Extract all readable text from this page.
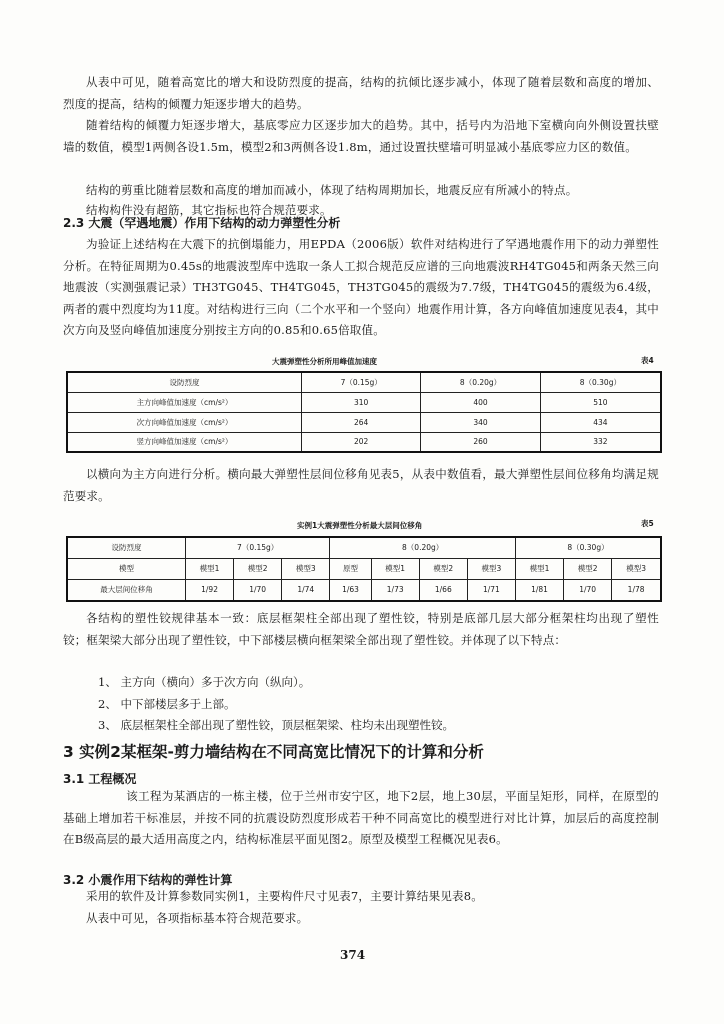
从表中可见，随着高宽比的增大和设防烈度的提高，结构的抗倾比逐步减小，体现了随着层数和高度的增加、烈度的提高，结构的倾覆力矩逐步增大的趋势。

随着结构的倾覆力矩逐步增大，基底零应力区逐步加大的趋势。其中，括号内为沿地下室横向向外侧设置扶壁墙的数值，模型1两侧各设1.5m，模型2和3两侧各设1.8m，通过设置扶壁墙可明显减小基底零应力区的数值。

结构的剪重比随着层数和高度的增加而减小，体现了结构周期加长，地震反应有所减小的特点。

结构构件没有超筋，其它指标也符合规范要求。

2.3 大震（罕遇地震）作用下结构的动力弹塑性分析

为验证上述结构在大震下的抗倒塌能力，用EPDA（2006版）软件对结构进行了罕遇地震作用下的动力弹塑性分析。在特征周期为0.45s的地震波型库中选取一条人工拟合规范反应谱的三向地震波RH4TG045和两条天然三向地震波（实测强震记录）TH3TG045、TH4TG045，TH3TG045的震级为7.7级，TH4TG045的震级为6.4级，两者的震中烈度均为11度。对结构进行三向（二个水平和一个竖向）地震作用计算，各方向峰值加速度见表4，其中次方向及竖向峰值加速度分别按主方向的0.85和0.65倍取值。

大震弹塑性分析所用峰值加速度	表4

设防烈度	7（0.15g）	8（0.20g）	8（0.30g）
主方向峰值加速度（cm/s²）	310	400	510
次方向峰值加速度（cm/s²）	264	340	434
竖方向峰值加速度（cm/s²）	202	260	332

以横向为主方向进行分析。横向最大弹塑性层间位移角见表5，从表中数值看，最大弹塑性层间位移角均满足规范要求。

实例1大震弹塑性分析最大层间位移角	表5

设防烈度	7（0.15g）			8（0.20g）				8（0.30g）		
模型	模型1	模型2	模型3	原型	模型1	模型2	模型3	模型1	模型2	模型3
最大层间位移角	1/92	1/70	1/74	1/63	1/73	1/66	1/71	1/81	1/70	1/78

各结构的塑性铰规律基本一致：底层框架柱全部出现了塑性铰，特别是底部几层大部分框架柱均出现了塑性铰；框架梁大部分出现了塑性铰，中下部楼层横向框架梁全部出现了塑性铰。并体现了以下特点：

1、 主方向（横向）多于次方向（纵向）。

2、 中下部楼层多于上部。

3、 底层框架柱全部出现了塑性铰，顶层框架梁、柱均未出现塑性铰。

3 实例2某框架-剪力墙结构在不同高宽比情况下的计算和分析

3.1 工程概况

该工程为某酒店的一栋主楼，位于兰州市安宁区，地下2层，地上30层，平面呈矩形，同样，在原型的基础上增加若干标准层，并按不同的抗震设防烈度形成若干种不同高宽比的模型进行对比计算，加层后的高度控制在B级高层的最大适用高度之内，结构标准层平面见图2。原型及模型工程概况见表6。

3.2 小震作用下结构的弹性计算

采用的软件及计算参数同实例1，主要构件尺寸见表7，主要计算结果见表8。

从表中可见，各项指标基本符合规范要求。

374
